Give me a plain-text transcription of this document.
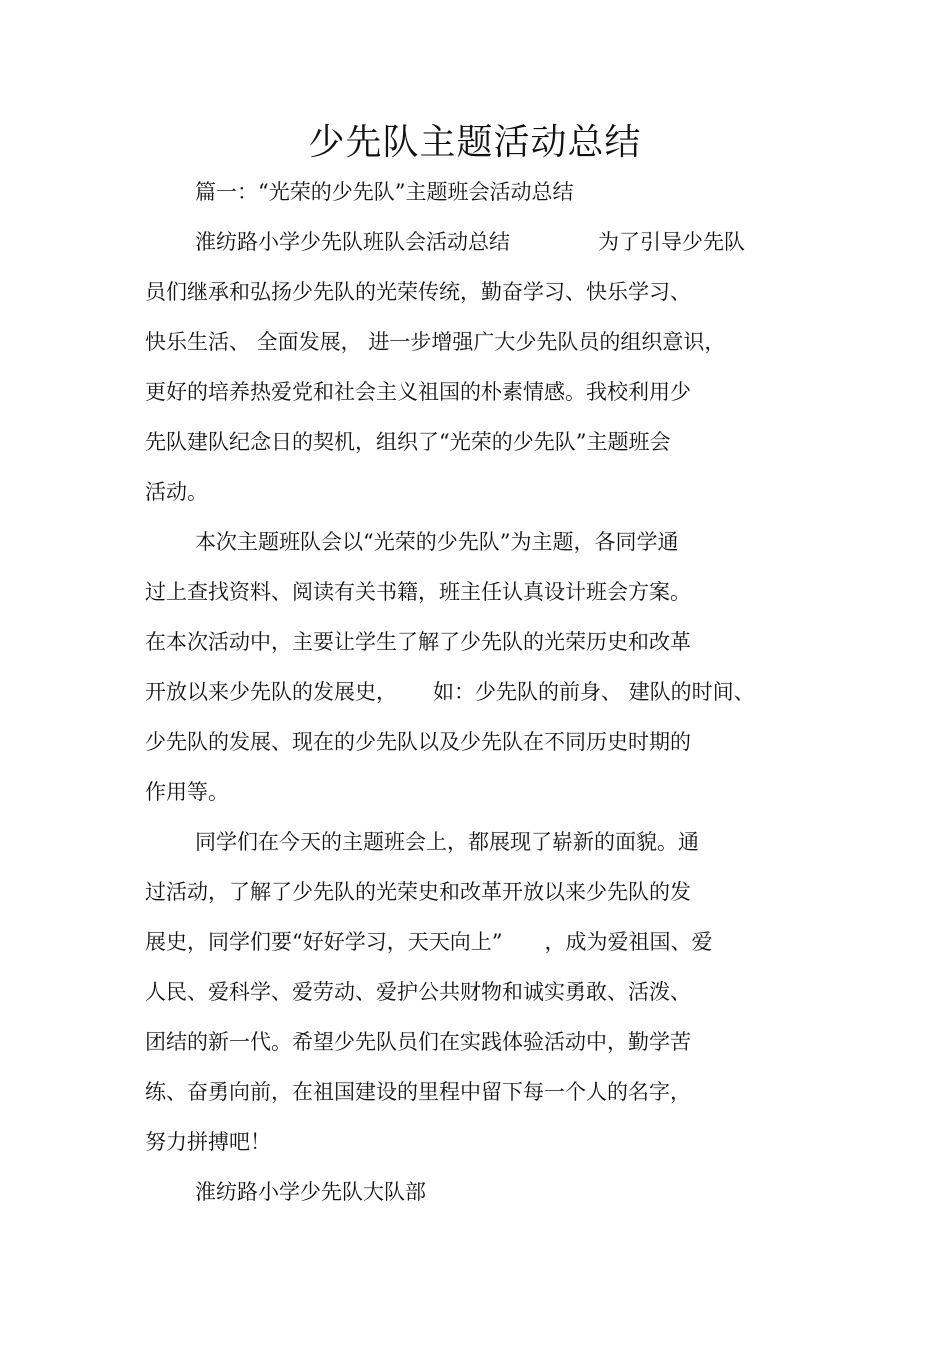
少先队主题活动总结
篇一：“光荣的少先队”主题班会活动总结
淮纺路小学少先队班队会活动总结	为了引导少先队
员们继承和弘扬少先队的光荣传统，勤奋学习、快乐学习、
快乐生活、 全面发展， 进一步增强广大少先队员的组织意识，
更好的培养热爱党和社会主义祖国的朴素情感。我校利用少
先队建队纪念日的契机，组织了“光荣的少先队”主题班会
活动。
本次主题班队会以“光荣的少先队”为主题，各同学通
过上查找资料、阅读有关书籍，班主任认真设计班会方案。
在本次活动中，主要让学生了解了少先队的光荣历史和改革
开放以来少先队的发展史， 如：少先队的前身、 建队的时间、
少先队的发展、现在的少先队以及少先队在不同历史时期的
作用等。
同学们在今天的主题班会上，都展现了崭新的面貌。通
过活动，了解了少先队的光荣史和改革开放以来少先队的发
展史，同学们要“好好学习，天天向上” ，成为爱祖国、爱
人民、爱科学、爱劳动、爱护公共财物和诚实勇敢、活泼、
团结的新一代。希望少先队员们在实践体验活动中，勤学苦
练、奋勇向前，在祖国建设的里程中留下每一个人的名字，
努力拼搏吧！
淮纺路小学少先队大队部
